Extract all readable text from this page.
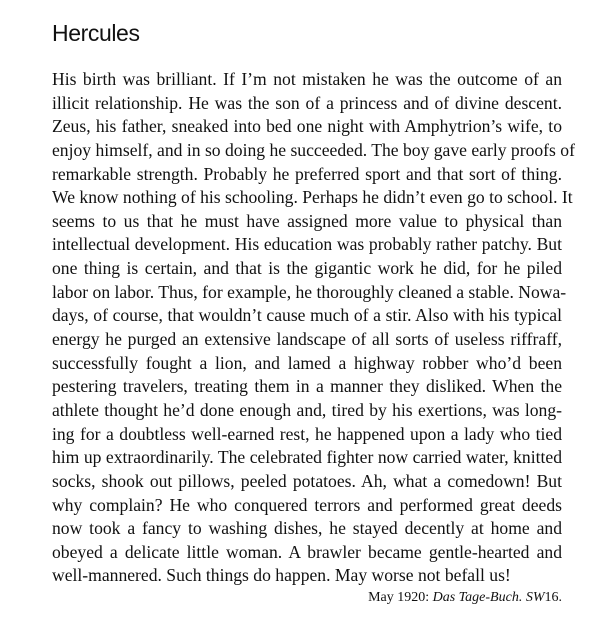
Hercules
His birth was brilliant. If I’m not mistaken he was the outcome of an
illicit relationship. He was the son of a princess and of divine descent.
Zeus, his father, sneaked into bed one night with Amphytrion’s wife, to
enjoy himself, and in so doing he succeeded. The boy gave early proofs of
remarkable strength. Probably he preferred sport and that sort of thing.
We know nothing of his schooling. Perhaps he didn’t even go to school. It
seems to us that he must have assigned more value to physical than
intellectual development. His education was probably rather patchy. But
one thing is certain, and that is the gigantic work he did, for he piled
labor on labor. Thus, for example, he thoroughly cleaned a stable. Nowa-
days, of course, that wouldn’t cause much of a stir. Also with his typical
energy he purged an extensive landscape of all sorts of useless riffraff,
successfully fought a lion, and lamed a highway robber who’d been
pestering travelers, treating them in a manner they disliked. When the
athlete thought he’d done enough and, tired by his exertions, was long-
ing for a doubtless well-earned rest, he happened upon a lady who tied
him up extraordinarily. The celebrated fighter now carried water, knitted
socks, shook out pillows, peeled potatoes. Ah, what a comedown! But
why complain? He who conquered terrors and performed great deeds
now took a fancy to washing dishes, he stayed decently at home and
obeyed a delicate little woman. A brawler became gentle-hearted and
well-mannered. Such things do happen. May worse not befall us!
May 1920: Das Tage-Buch. SW16.
